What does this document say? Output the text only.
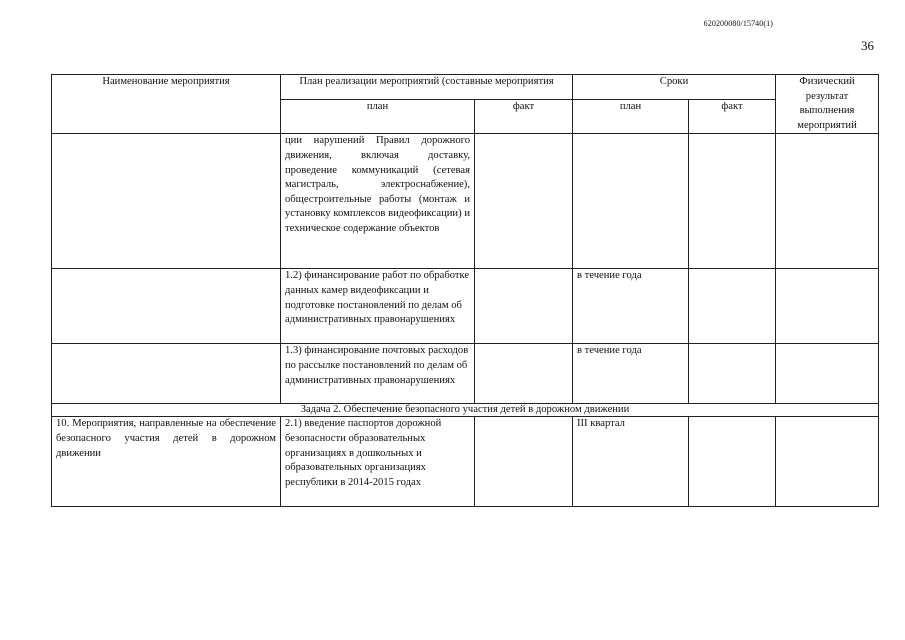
620200080/15740(1)
36
Наименование мероприятия	План реализации мероприятий (составные мероприятия		Сроки		Физический результат выполнения мероприятий
	план	факт	план	факт	
	ции нарушений Правил дорожного движения, включая доставку, проведение коммуникаций (сетевая магистраль, электроснабжение), общестроительные работы (монтаж и установку комплексов видеофиксации) и техническое содержание объектов				
	1.2) финансирование работ по обработке данных камер видеофиксации и подготовке постановлений по делам об административных правонарушениях		в течение года		
	1.3) финансирование почтовых расходов по рассылке постановлений по делам об административных правонарушениях		в течение года		
Задача 2. Обеспечение безопасного участия детей в дорожном движении					
10. Мероприятия, направленные на обеспечение безопасного участия детей в дорожном движении	2.1) введение паспортов дорожной безопасности образовательных организациях в дошкольных и образовательных организациях республики в 2014-2015 годах		III квартал		
